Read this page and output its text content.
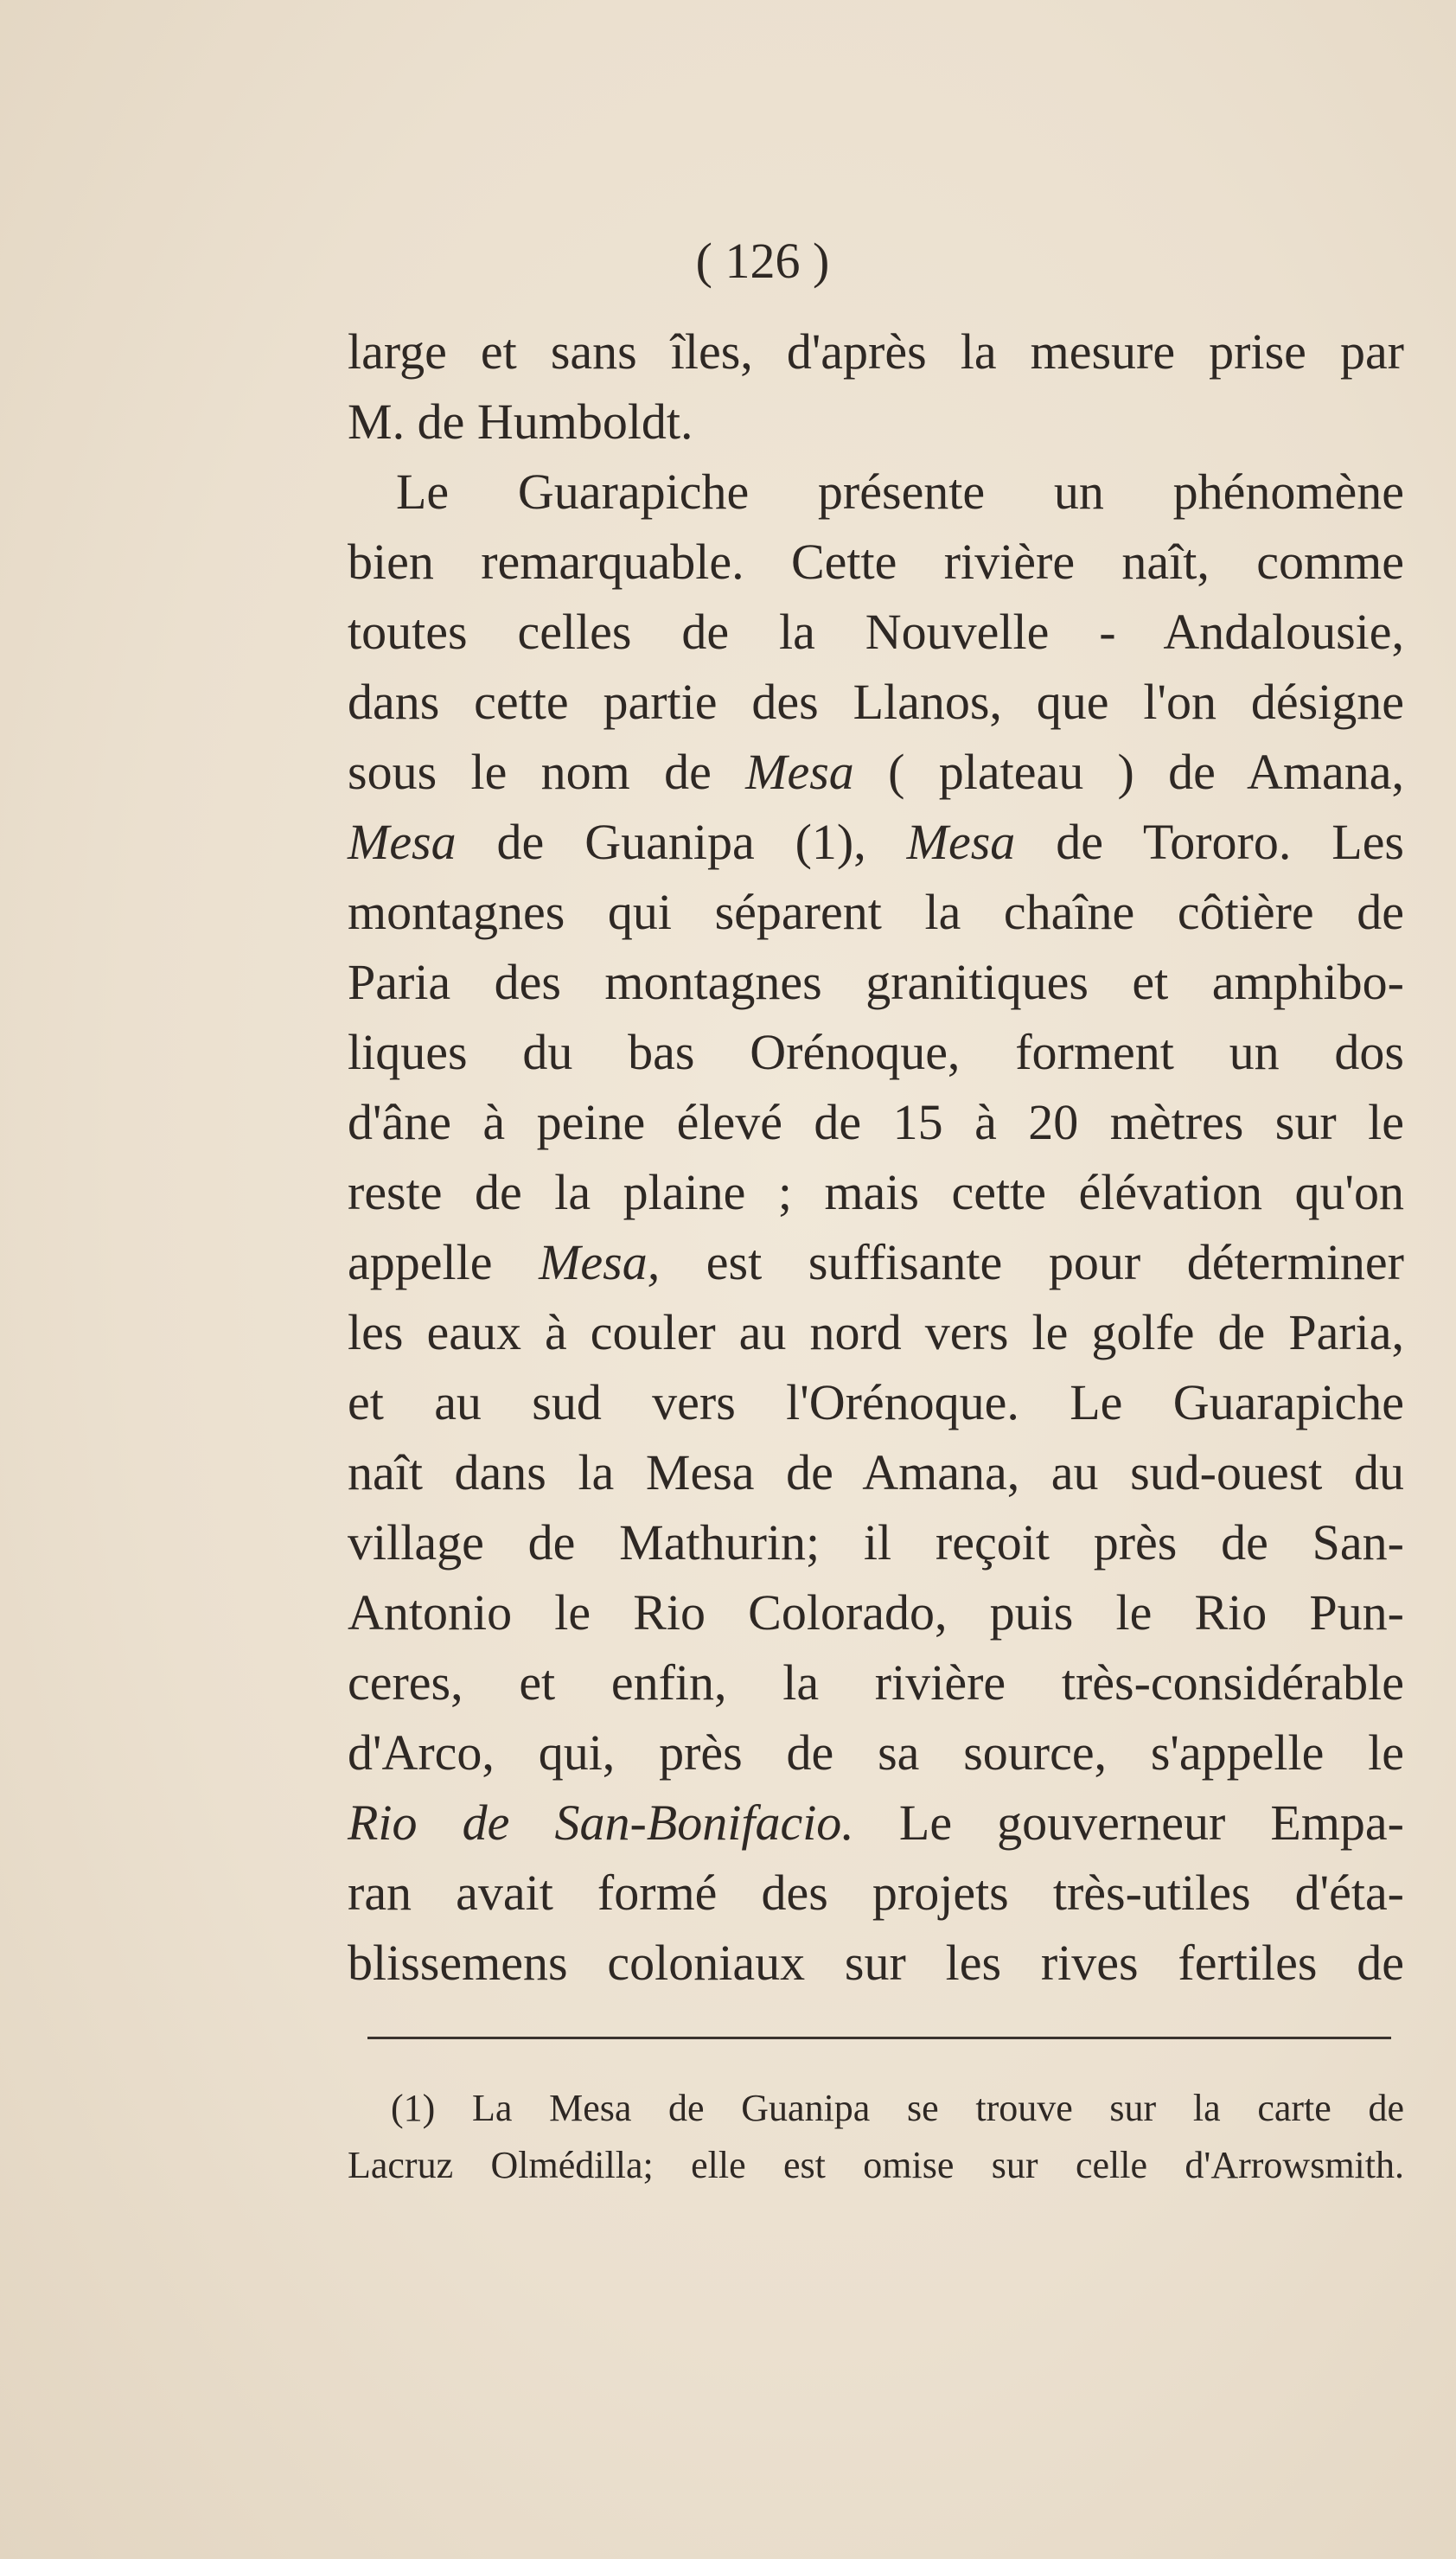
( 126 )
large et sans îles, d'après la mesure prise par
M. de Humboldt.
Le Guarapiche présente un phénomène
bien remarquable. Cette rivière naît, comme
toutes celles de la Nouvelle - Andalousie,
dans cette partie des Llanos, que l'on désigne
sous le nom de Mesa ( plateau ) de Amana,
Mesa de Guanipa (1), Mesa de Tororo. Les
montagnes qui séparent la chaîne côtière de
Paria des montagnes granitiques et amphibo-
liques du bas Orénoque, forment un dos
d'âne à peine élevé de 15 à 20 mètres sur le
reste de la plaine ; mais cette élévation qu'on
appelle Mesa, est suffisante pour déterminer
les eaux à couler au nord vers le golfe de Paria,
et au sud vers l'Orénoque. Le Guarapiche
naît dans la Mesa de Amana, au sud-ouest du
village de Mathurin; il reçoit près de San-
Antonio le Rio Colorado, puis le Rio Pun-
ceres, et enfin, la rivière très-considérable
d'Arco, qui, près de sa source, s'appelle le
Rio de San-Bonifacio. Le gouverneur Empa-
ran avait formé des projets très-utiles d'éta-
blissemens coloniaux sur les rives fertiles de
(1) La Mesa de Guanipa se trouve sur la carte de
Lacruz Olmédilla; elle est omise sur celle d'Arrowsmith.
